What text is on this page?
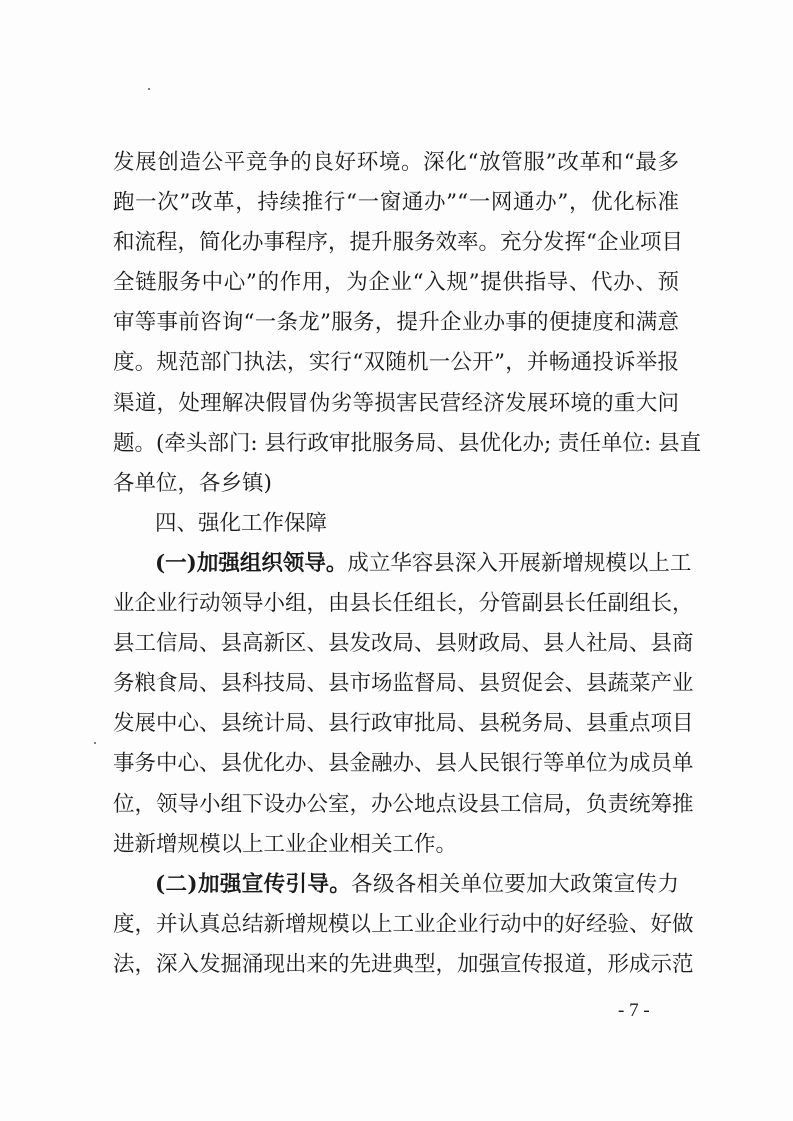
发展创造公平竞争的良好环境。深化“放管服”改革和“最多
跑一次”改革，持续推行“一窗通办”“一网通办”，优化标准
和流程，简化办事程序，提升服务效率。充分发挥“企业项目
全链服务中心”的作用，为企业“入规”提供指导、代办、预
审等事前咨询“一条龙”服务，提升企业办事的便捷度和满意
度。规范部门执法，实行“双随机一公开”，并畅通投诉举报
渠道，处理解决假冒伪劣等损害民营经济发展环境的重大问
题。(牵头部门: 县行政审批服务局、县优化办; 责任单位: 县直
各单位，各乡镇)
四、强化工作保障
(一)加强组织领导。成立华容县深入开展新增规模以上工
业企业行动领导小组，由县长任组长，分管副县长任副组长，
县工信局、县高新区、县发改局、县财政局、县人社局、县商
务粮食局、县科技局、县市场监督局、县贸促会、县蔬菜产业
发展中心、县统计局、县行政审批局、县税务局、县重点项目
事务中心、县优化办、县金融办、县人民银行等单位为成员单
位，领导小组下设办公室，办公地点设县工信局，负责统筹推
进新增规模以上工业企业相关工作。
(二)加强宣传引导。各级各相关单位要加大政策宣传力
度，并认真总结新增规模以上工业企业行动中的好经验、好做
法，深入发掘涌现出来的先进典型，加强宣传报道，形成示范
- 7 -
